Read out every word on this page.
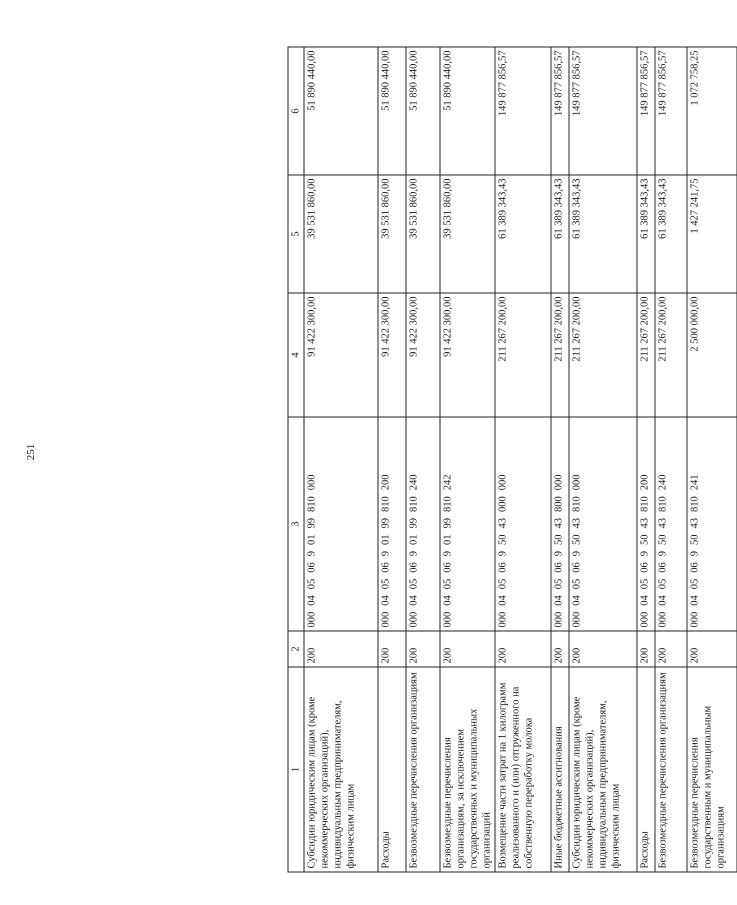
251
1	2	3	4	5	6
Субсидии юридическим лицам (кроме некоммерческих организаций), индивидуальным предпринимателям, физическим лицам	200	00004050690199810000	91 422 300,00	39 531 860,00	51 890 440,00
Расходы	200	00004050690199810200	91 422 300,00	39 531 860,00	51 890 440,00
Безвозмездные перечисления организациям	200	00004050690199810240	91 422 300,00	39 531 860,00	51 890 440,00
Безвозмездные перечисления организациям, за исключением государственных и муниципальных организаций	200	00004050690199810242	91 422 300,00	39 531 860,00	51 890 440,00
Возмещение части затрат на 1 килограмм реализованного и (или) отгруженного на собственную переработку молока	200	00004050695043000000	211 267 200,00	61 389 343,43	149 877 856,57
Иные бюджетные ассигнования	200	00004050695043800000	211 267 200,00	61 389 343,43	149 877 856,57
Субсидии юридическим лицам (кроме некоммерческих организаций), индивидуальным предпринимателям, физическим лицам	200	00004050695043810000	211 267 200,00	61 389 343,43	149 877 856,57
Расходы	200	00004050695043810200	211 267 200,00	61 389 343,43	149 877 856,57
Безвозмездные перечисления организациям	200	00004050695043810240	211 267 200,00	61 389 343,43	149 877 856,57
Безвозмездные перечисления государственным и муниципальным организациям	200	00004050695043810241	2 500 000,00	1 427 241,75	1 072 758,25
